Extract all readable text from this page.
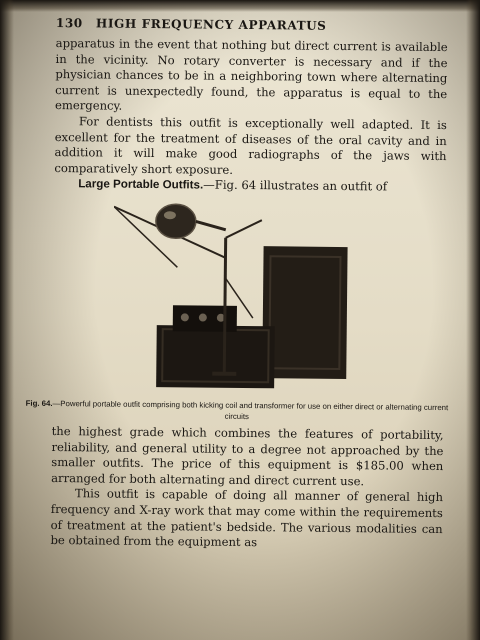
130 HIGH FREQUENCY APPARATUS

apparatus in the event that nothing but direct current is available in the vicinity. No rotary converter is necessary and if the physician chances to be in a neighboring town where alternating current is unexpectedly found, the apparatus is equal to the emergency.

For dentists this outfit is exceptionally well adapted. It is excellent for the treatment of diseases of the oral cavity and in addition it will make good radiographs of the jaws with comparatively short exposure.

Large Portable Outfits.—Fig. 64 illustrates an outfit of

Fig. 64.—Powerful portable outfit comprising both kicking coil and transformer for use on either direct or alternating current circuits

the highest grade which combines the features of portability, reliability, and general utility to a degree not approached by the smaller outfits. The price of this equipment is $185.00 when arranged for both alternating and direct current use.

This outfit is capable of doing all manner of general high frequency and X-ray work that may come within the requirements of treatment at the patient's bedside. The various modalities can be obtained from the equipment as
